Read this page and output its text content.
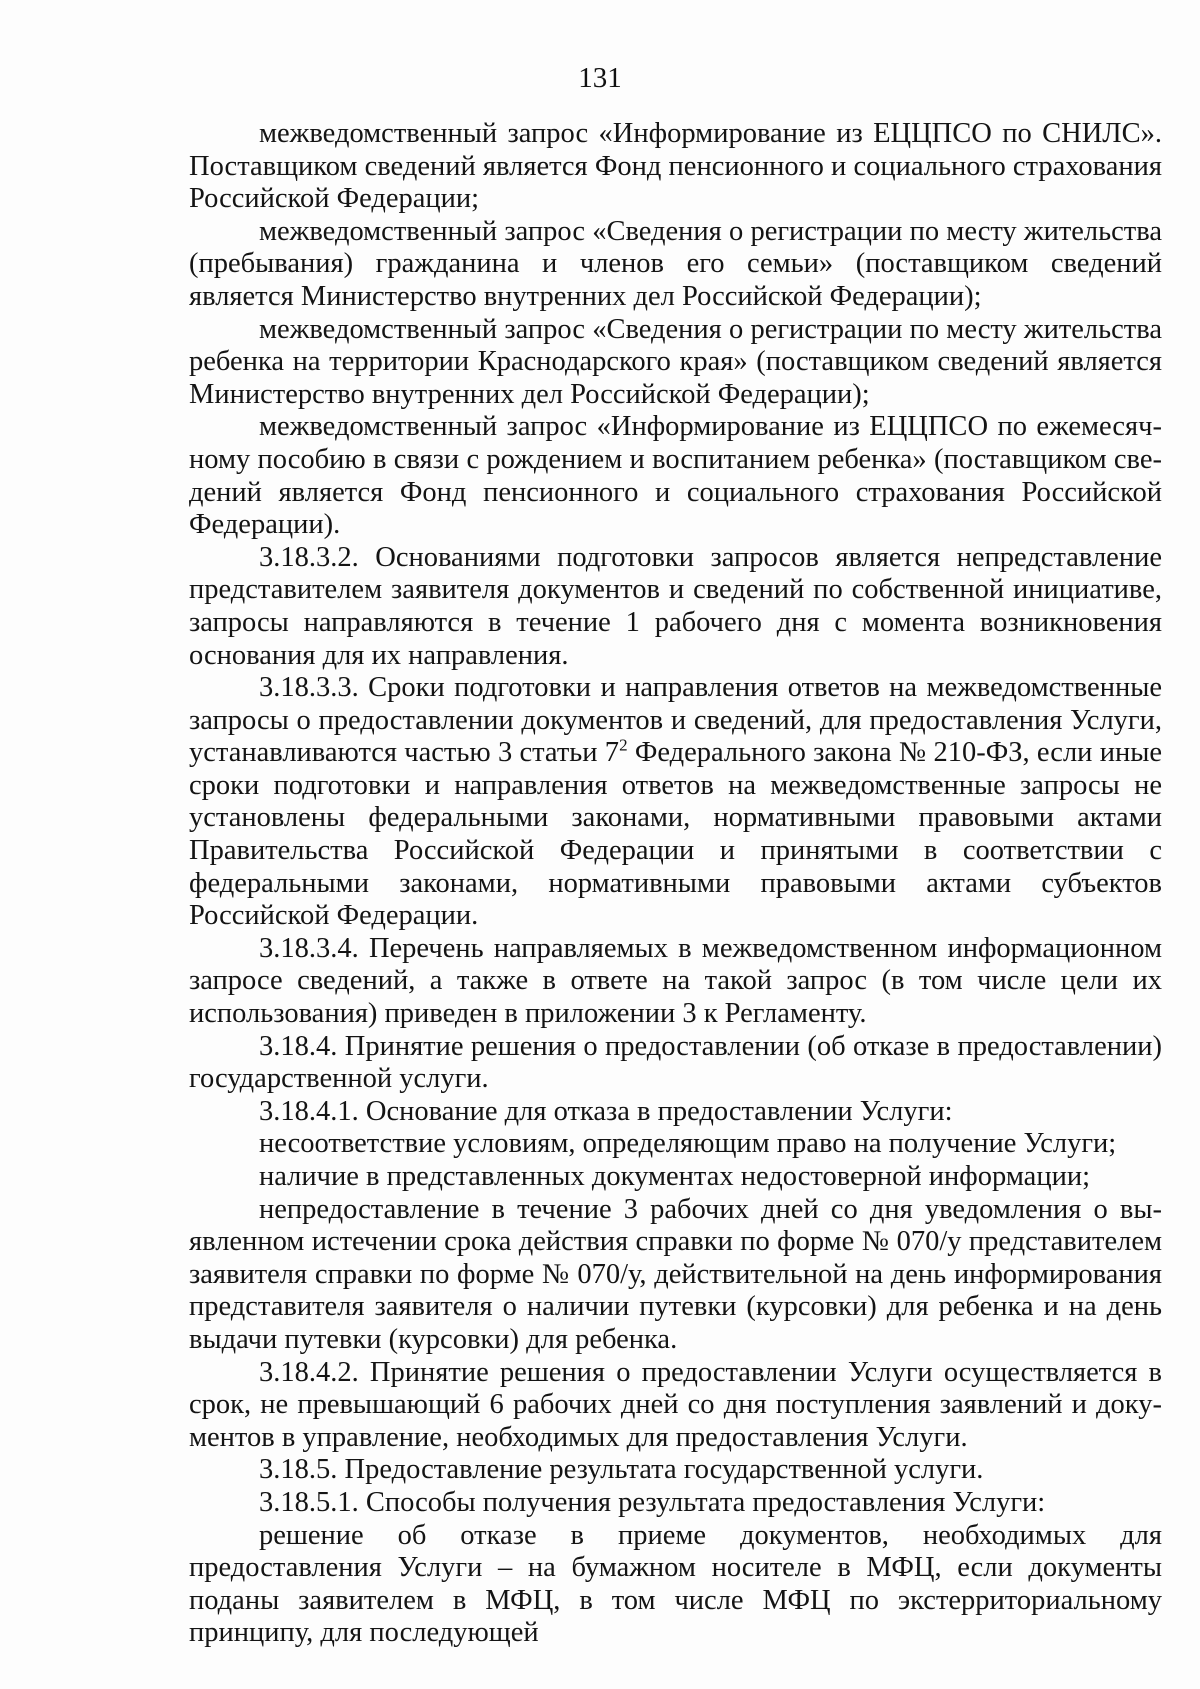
131

межведомственный запрос «Информирование из ЕЦЦПСО по СНИЛС». Поставщиком сведений является Фонд пенсионного и социального страхования Российской Федерации;

межведомственный запрос «Сведения о регистрации по месту жительства (пребывания) гражданина и членов его семьи» (поставщиком сведений является Министерство внутренних дел Российской Федерации);

межведомственный запрос «Сведения о регистрации по месту жительства ребенка на территории Краснодарского края» (поставщиком сведений является Министерство внутренних дел Российской Федерации);

межведомственный запрос «Информирование из ЕЦЦПСО по ежемесячному пособию в связи с рождением и воспитанием ребенка» (поставщиком сведений является Фонд пенсионного и социального страхования Российской Федерации).

3.18.3.2. Основаниями подготовки запросов является непредставление представителем заявителя документов и сведений по собственной инициативе, запросы направляются в течение 1 рабочего дня с момента возникновения основания для их направления.

3.18.3.3. Сроки подготовки и направления ответов на межведомственные запросы о предоставлении документов и сведений, для предоставления Услуги, устанавливаются частью 3 статьи $7^2$ Федерального закона № 210-ФЗ, если иные сроки подготовки и направления ответов на межведомственные запросы не установлены федеральными законами, нормативными правовыми актами Правительства Российской Федерации и принятыми в соответствии с федеральными законами, нормативными правовыми актами субъектов Российской Федерации.

3.18.3.4. Перечень направляемых в межведомственном информационном запросе сведений, а также в ответе на такой запрос (в том числе цели их использования) приведен в приложении 3 к Регламенту.

3.18.4. Принятие решения о предоставлении (об отказе в предоставлении) государственной услуги.

3.18.4.1. Основание для отказа в предоставлении Услуги:

несоответствие условиям, определяющим право на получение Услуги;

наличие в представленных документах недостоверной информации;

непредоставление в течение 3 рабочих дней со дня уведомления о выявленном истечении срока действия справки по форме № 070/у представителем заявителя справки по форме № 070/у, действительной на день информирования представителя заявителя о наличии путевки (курсовки) для ребенка и на день выдачи путевки (курсовки) для ребенка.

3.18.4.2. Принятие решения о предоставлении Услуги осуществляется в срок, не превышающий 6 рабочих дней со дня поступления заявлений и документов в управление, необходимых для предоставления Услуги.

3.18.5. Предоставление результата государственной услуги.

3.18.5.1. Способы получения результата предоставления Услуги:

решение об отказе в приеме документов, необходимых для предоставления Услуги – на бумажном носителе в МФЦ, если документы поданы заявителем в МФЦ, в том числе МФЦ по экстерриториальному принципу, для последующей
